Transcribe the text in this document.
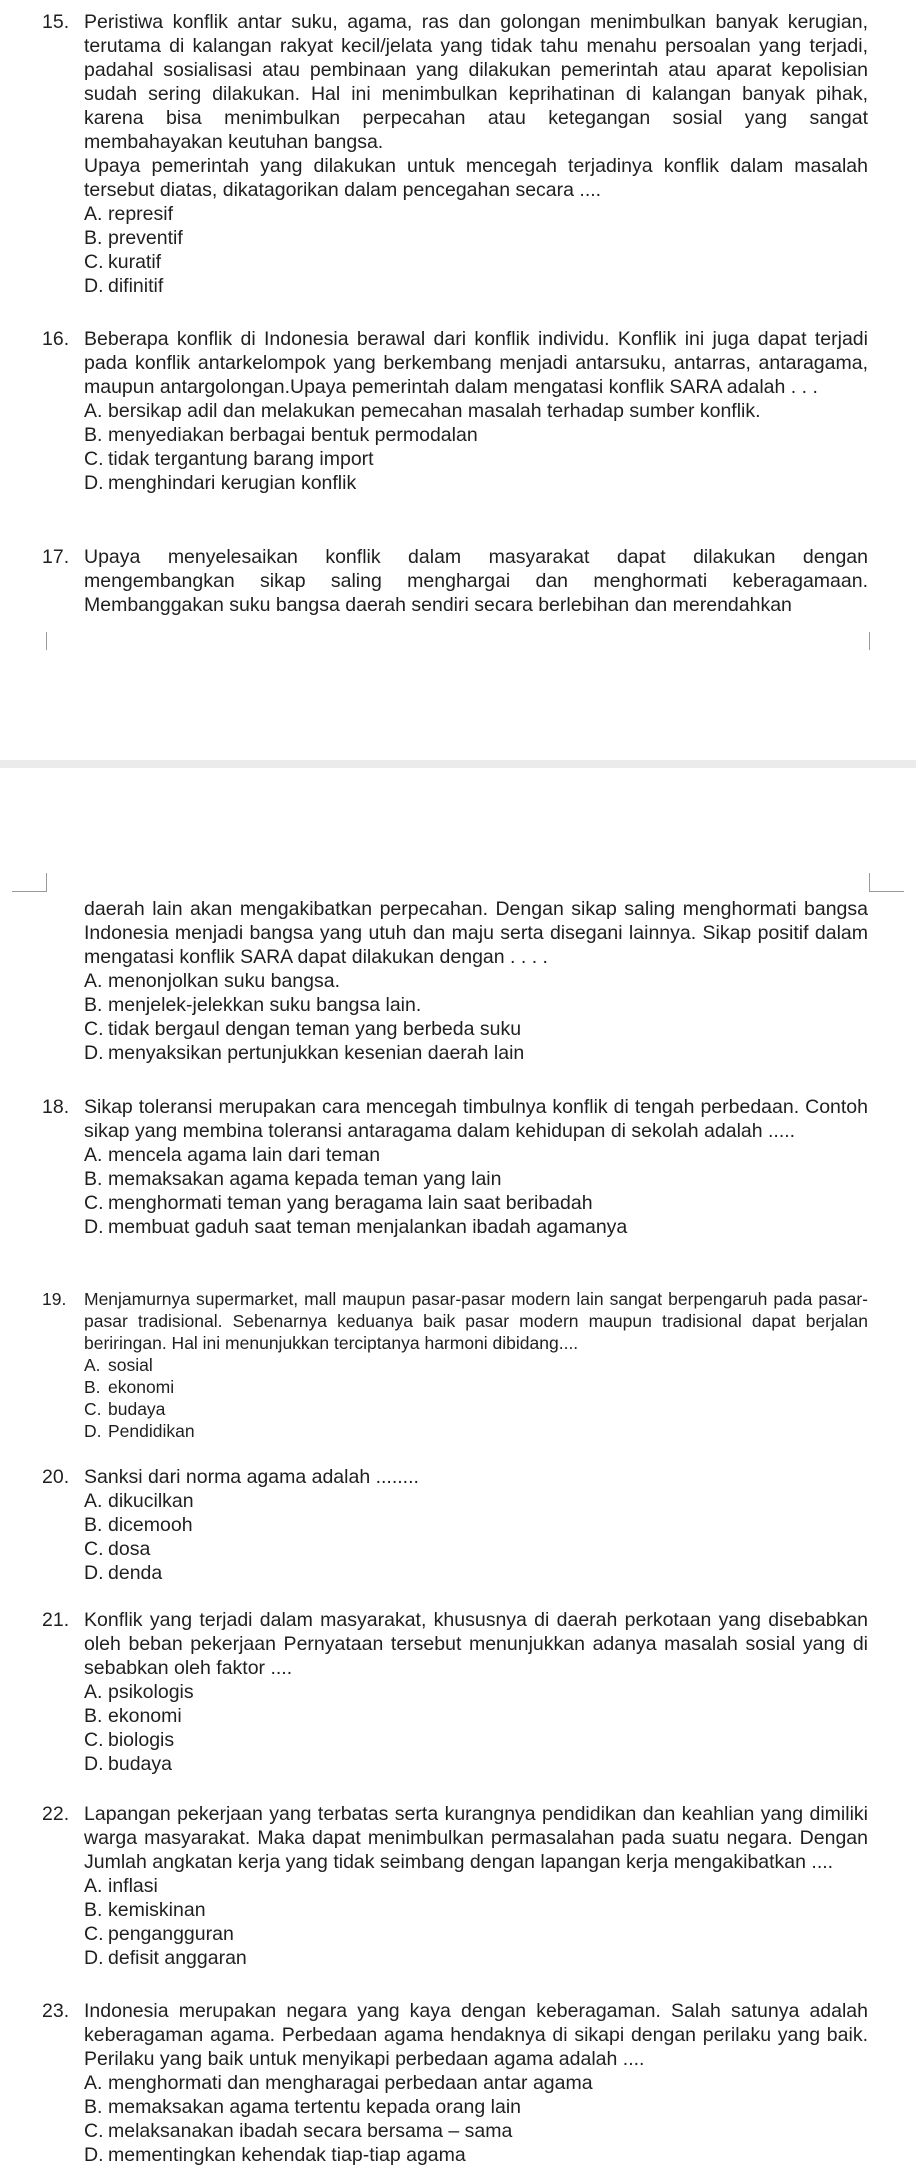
15. Peristiwa konflik antar suku, agama, ras dan golongan menimbulkan banyak kerugian, terutama di kalangan rakyat kecil/jelata yang tidak tahu menahu persoalan yang terjadi, padahal sosialisasi atau pembinaan yang dilakukan pemerintah atau aparat kepolisian sudah sering dilakukan. Hal ini menimbulkan keprihatinan di kalangan banyak pihak, karena bisa menimbulkan perpecahan atau ketegangan sosial yang sangat membahayakan keutuhan bangsa.
Upaya pemerintah yang dilakukan untuk mencegah terjadinya konflik dalam masalah tersebut diatas, dikatagorikan dalam pencegahan secara ....
A. represif
B. preventif
C. kuratif
D. difinitif
16. Beberapa konflik di Indonesia berawal dari konflik individu. Konflik ini juga dapat terjadi pada konflik antarkelompok yang berkembang menjadi antarsuku, antarras, antaragama, maupun antargolongan.Upaya pemerintah dalam mengatasi konflik SARA adalah . . .
A. bersikap adil dan melakukan pemecahan masalah terhadap sumber konflik.
B. menyediakan berbagai bentuk permodalan
C. tidak tergantung barang import
D. menghindari kerugian konflik
17. Upaya menyelesaikan konflik dalam masyarakat dapat dilakukan dengan mengembangkan sikap saling menghargai dan menghormati keberagamaan. Membanggakan suku bangsa daerah sendiri secara berlebihan dan merendahkan
daerah lain akan mengakibatkan perpecahan. Dengan sikap saling menghormati bangsa Indonesia menjadi bangsa yang utuh dan maju serta disegani lainnya. Sikap positif dalam mengatasi konflik SARA dapat dilakukan dengan . . . .
A. menonjolkan suku bangsa.
B. menjelek-jelekkan suku bangsa lain.
C. tidak bergaul dengan teman yang berbeda suku
D. menyaksikan pertunjukkan kesenian daerah lain
18. Sikap toleransi merupakan cara mencegah timbulnya konflik di tengah perbedaan. Contoh sikap yang membina toleransi antaragama dalam kehidupan di sekolah adalah .....
A. mencela agama lain dari teman
B. memaksakan agama kepada teman yang lain
C. menghormati teman yang beragama lain saat beribadah
D. membuat gaduh saat teman menjalankan ibadah agamanya
19. Menjamurnya supermarket, mall maupun pasar-pasar modern lain sangat berpengaruh pada pasar-pasar tradisional. Sebenarnya keduanya baik pasar modern maupun tradisional dapat berjalan beriringan. Hal ini menunjukkan terciptanya harmoni dibidang....
A. sosial
B. ekonomi
C. budaya
D. Pendidikan
20. Sanksi dari norma agama adalah ........
A. dikucilkan
B. dicemooh
C. dosa
D. denda
21. Konflik yang terjadi dalam masyarakat, khususnya di daerah perkotaan yang disebabkan oleh beban pekerjaan Pernyataan tersebut menunjukkan adanya masalah sosial yang di sebabkan oleh faktor ....
A. psikologis
B. ekonomi
C. biologis
D. budaya
22. Lapangan pekerjaan yang terbatas serta kurangnya pendidikan dan keahlian yang dimiliki warga masyarakat. Maka dapat menimbulkan permasalahan pada suatu negara. Dengan Jumlah angkatan kerja yang tidak seimbang dengan lapangan kerja mengakibatkan ....
A. inflasi
B. kemiskinan
C. pengangguran
D. defisit anggaran
23. Indonesia merupakan negara yang kaya dengan keberagaman. Salah satunya adalah keberagaman agama. Perbedaan agama hendaknya di sikapi dengan perilaku yang baik. Perilaku yang baik untuk menyikapi perbedaan agama adalah ....
A. menghormati dan mengharagai perbedaan antar agama
B. memaksakan agama tertentu kepada orang lain
C. melaksanakan ibadah secara bersama – sama
D. mementingkan kehendak tiap-tiap agama
